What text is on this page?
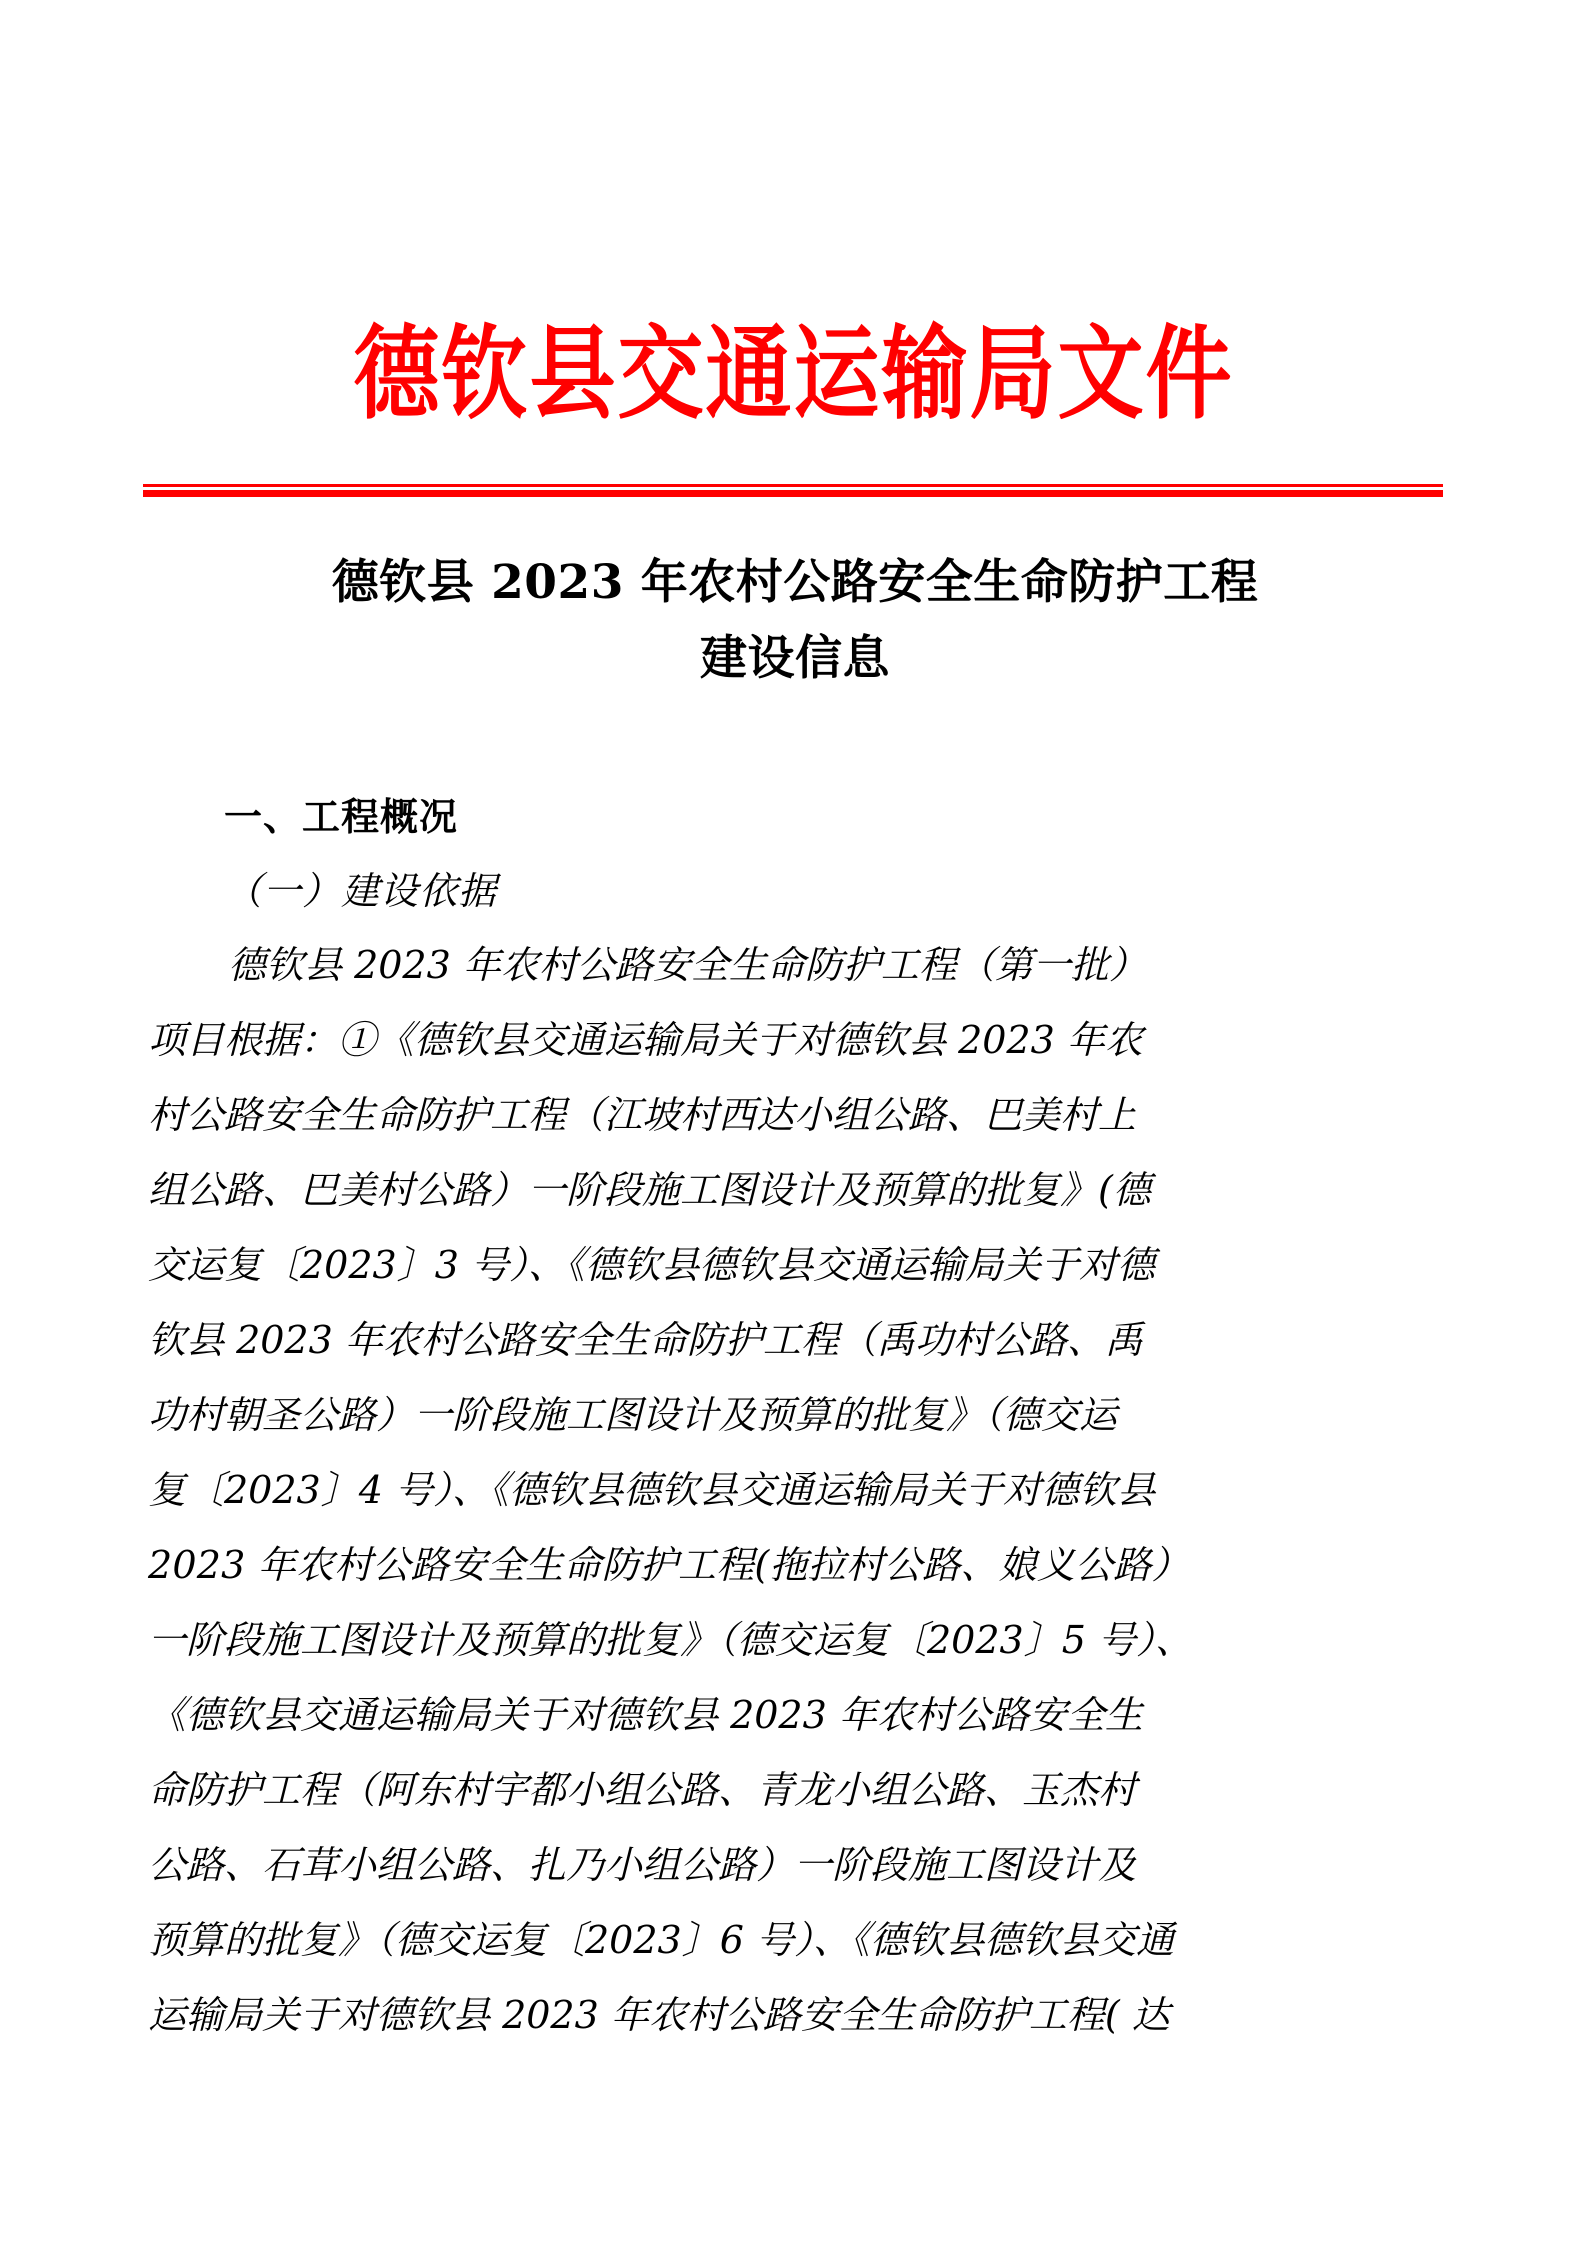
德钦县交通运输局文件
德钦县 2023 年农村公路安全生命防护工程
建设信息
一、工程概况
（一）建设依据
德钦县 2023 年农村公路安全生命防护工程（第一批）
项目根据：①《德钦县交通运输局关于对德钦县 2023 年农
村公路安全生命防护工程（江坡村西达小组公路、巴美村上
组公路、巴美村公路）一阶段施工图设计及预算的批复》(德
交运复〔2023〕3 号）、《德钦县德钦县交通运输局关于对德
钦县 2023 年农村公路安全生命防护工程（禹功村公路、禹
功村朝圣公路）一阶段施工图设计及预算的批复》（德交运
复〔2023〕4 号）、《德钦县德钦县交通运输局关于对德钦县
2023 年农村公路安全生命防护工程(拖拉村公路、娘义公路）
一阶段施工图设计及预算的批复》（德交运复〔2023〕5 号）、
《德钦县交通运输局关于对德钦县 2023 年农村公路安全生
命防护工程（阿东村宇都小组公路、青龙小组公路、玉杰村
公路、石茸小组公路、扎乃小组公路）一阶段施工图设计及
预算的批复》（德交运复〔2023〕6 号）、《德钦县德钦县交通
运输局关于对德钦县 2023 年农村公路安全生命防护工程( 达
